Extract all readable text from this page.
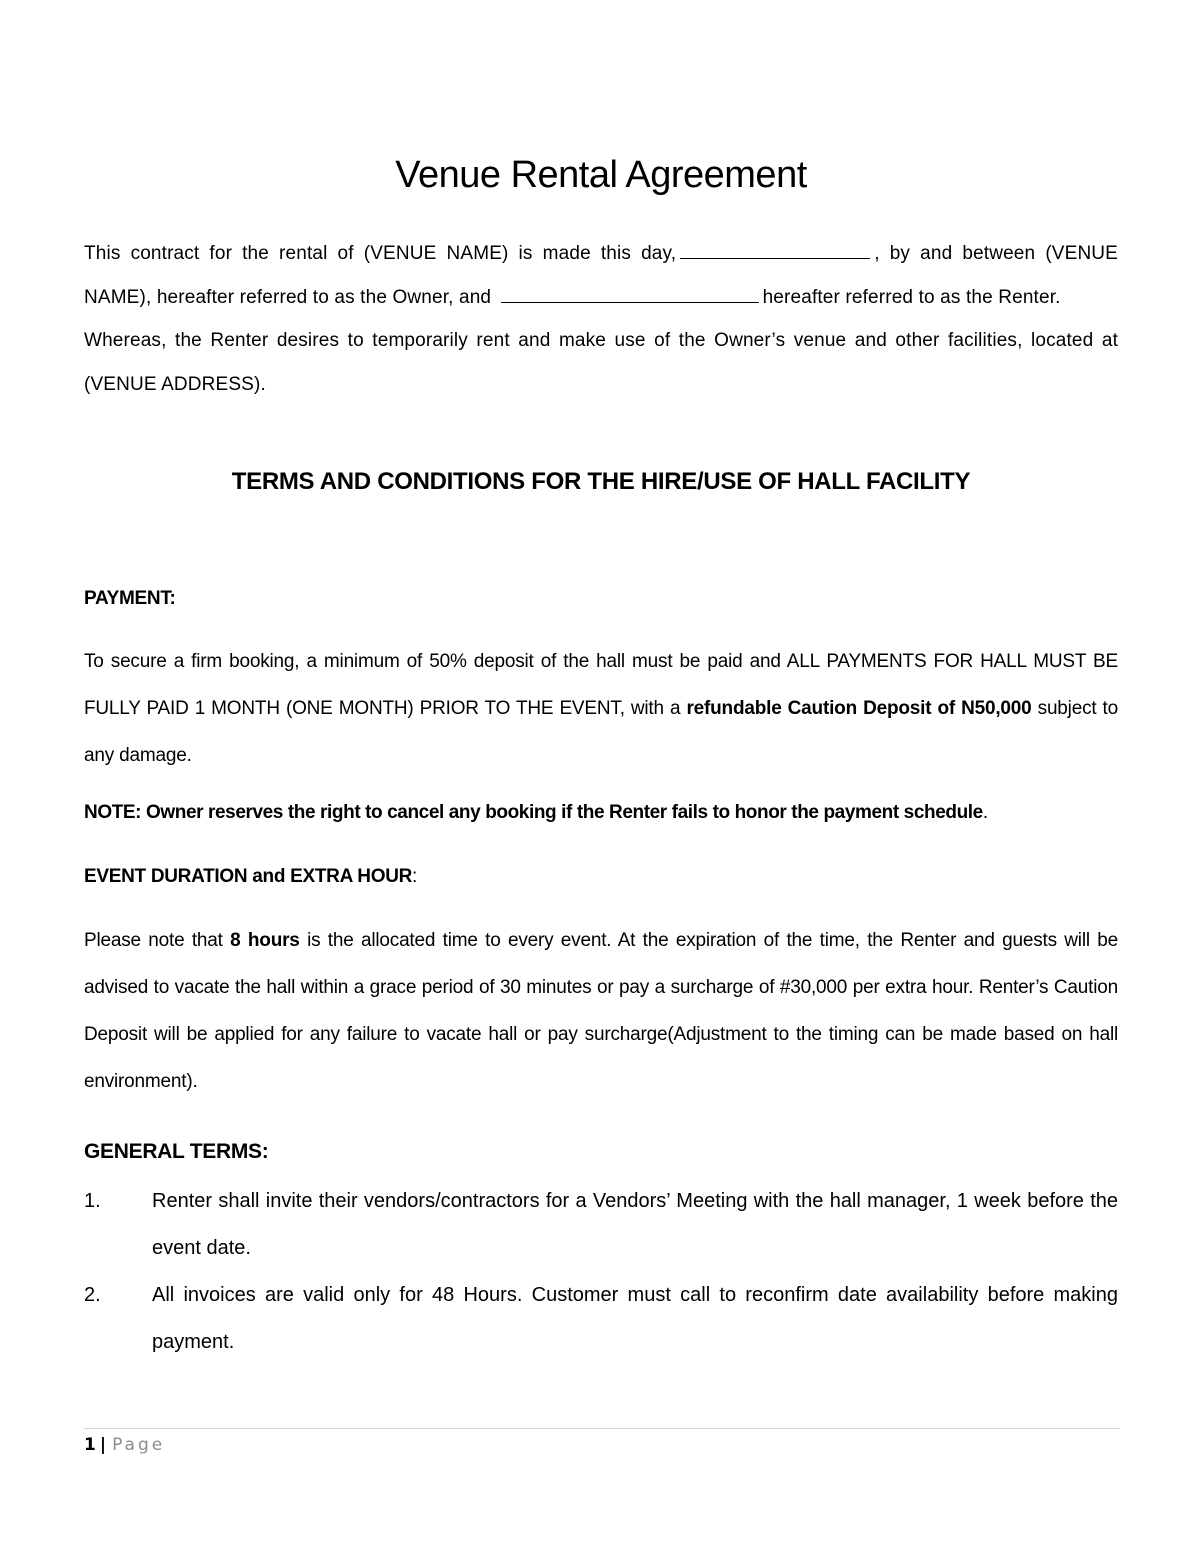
Venue Rental Agreement

This contract for the rental of (VENUE NAME) is made this day,	, by and between (VENUE NAME), hereafter referred to as the Owner, and	hereafter referred to as the Renter.

Whereas, the Renter desires to temporarily rent and make use of the Owner’s venue and other facilities, located at (VENUE ADDRESS).

TERMS AND CONDITIONS FOR THE HIRE/USE OF HALL FACILITY
PAYMENT:
To secure a firm booking, a minimum of 50% deposit of the hall must be paid and ALL PAYMENTS FOR HALL MUST BE FULLY PAID 1 MONTH (ONE MONTH) PRIOR TO THE EVENT, with a refundable Caution Deposit of N50,000 subject to any damage.
NOTE: Owner reserves the right to cancel any booking if the Renter fails to honor the payment schedule.
EVENT DURATION and EXTRA HOUR:
Please note that 8 hours is the allocated time to every event. At the expiration of the time, the Renter and guests will be advised to vacate the hall within a grace period of 30 minutes or pay a surcharge of #30,000 per extra hour. Renter’s Caution Deposit will be applied for any failure to vacate hall or pay surcharge(Adjustment to the timing can be made based on hall environment).
GENERAL TERMS:
1.	Renter shall invite their vendors/contractors for a Vendors’ Meeting with the hall manager, 1 week before the event date.
2.	All invoices are valid only for 48 Hours. Customer must call to reconfirm date availability before making payment.
1 | Page
